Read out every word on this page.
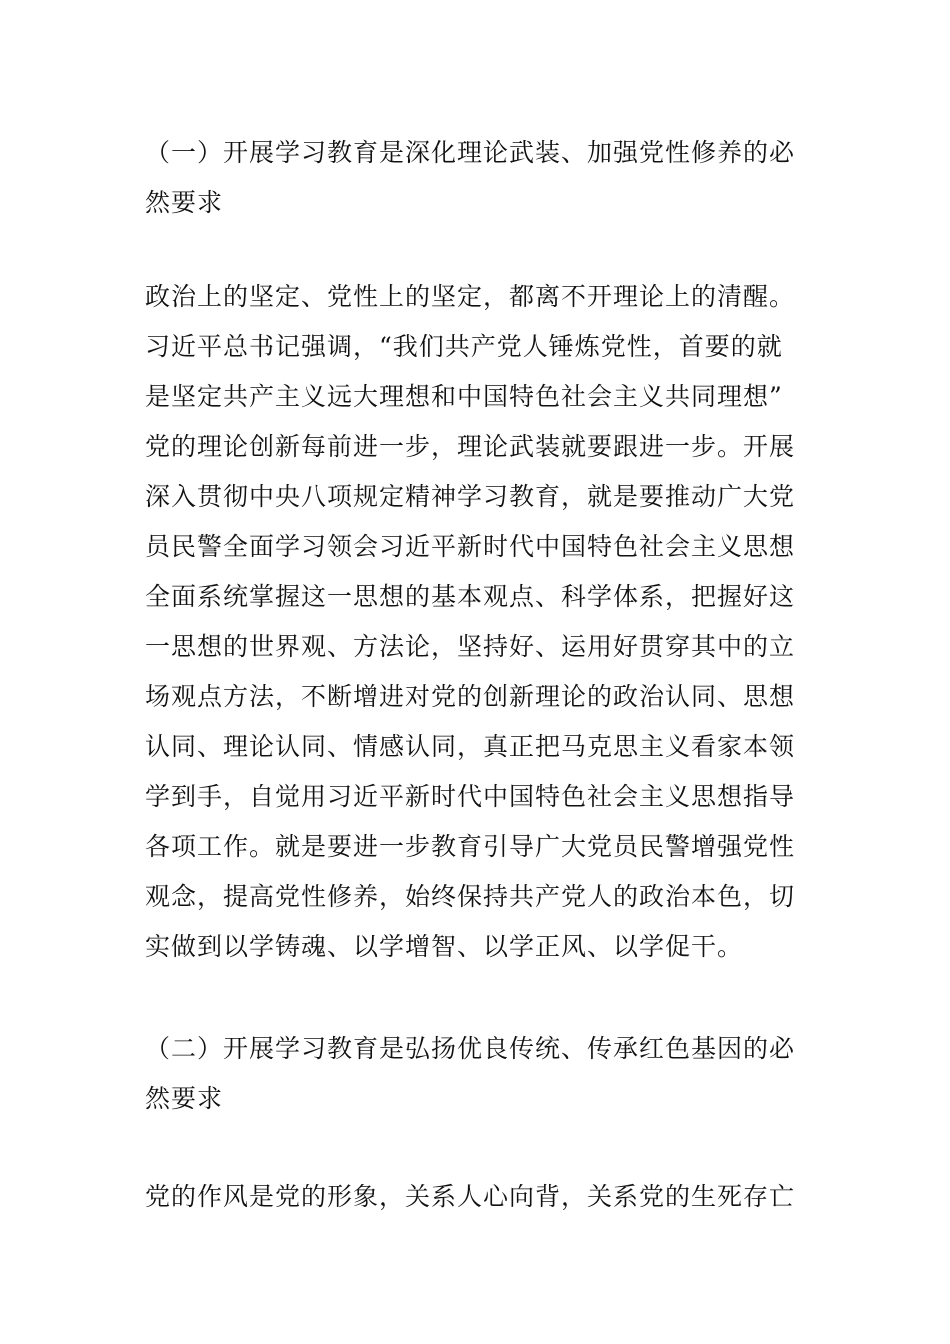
（一）开展学习教育是深化理论武装、加强党性修养的必
然要求
政治上的坚定、党性上的坚定，都离不开理论上的清醒。
习近平总书记强调，“我们共产党人锤炼党性，首要的就
是坚定共产主义远大理想和中国特色社会主义共同理想”
党的理论创新每前进一步，理论武装就要跟进一步。开展
深入贯彻中央八项规定精神学习教育，就是要推动广大党
员民警全面学习领会习近平新时代中国特色社会主义思想
全面系统掌握这一思想的基本观点、科学体系，把握好这
一思想的世界观、方法论，坚持好、运用好贯穿其中的立
场观点方法，不断增进对党的创新理论的政治认同、思想
认同、理论认同、情感认同，真正把马克思主义看家本领
学到手，自觉用习近平新时代中国特色社会主义思想指导
各项工作。就是要进一步教育引导广大党员民警增强党性
观念，提高党性修养，始终保持共产党人的政治本色，切
实做到以学铸魂、以学增智、以学正风、以学促干。
（二）开展学习教育是弘扬优良传统、传承红色基因的必
然要求
党的作风是党的形象，关系人心向背，关系党的生死存亡
